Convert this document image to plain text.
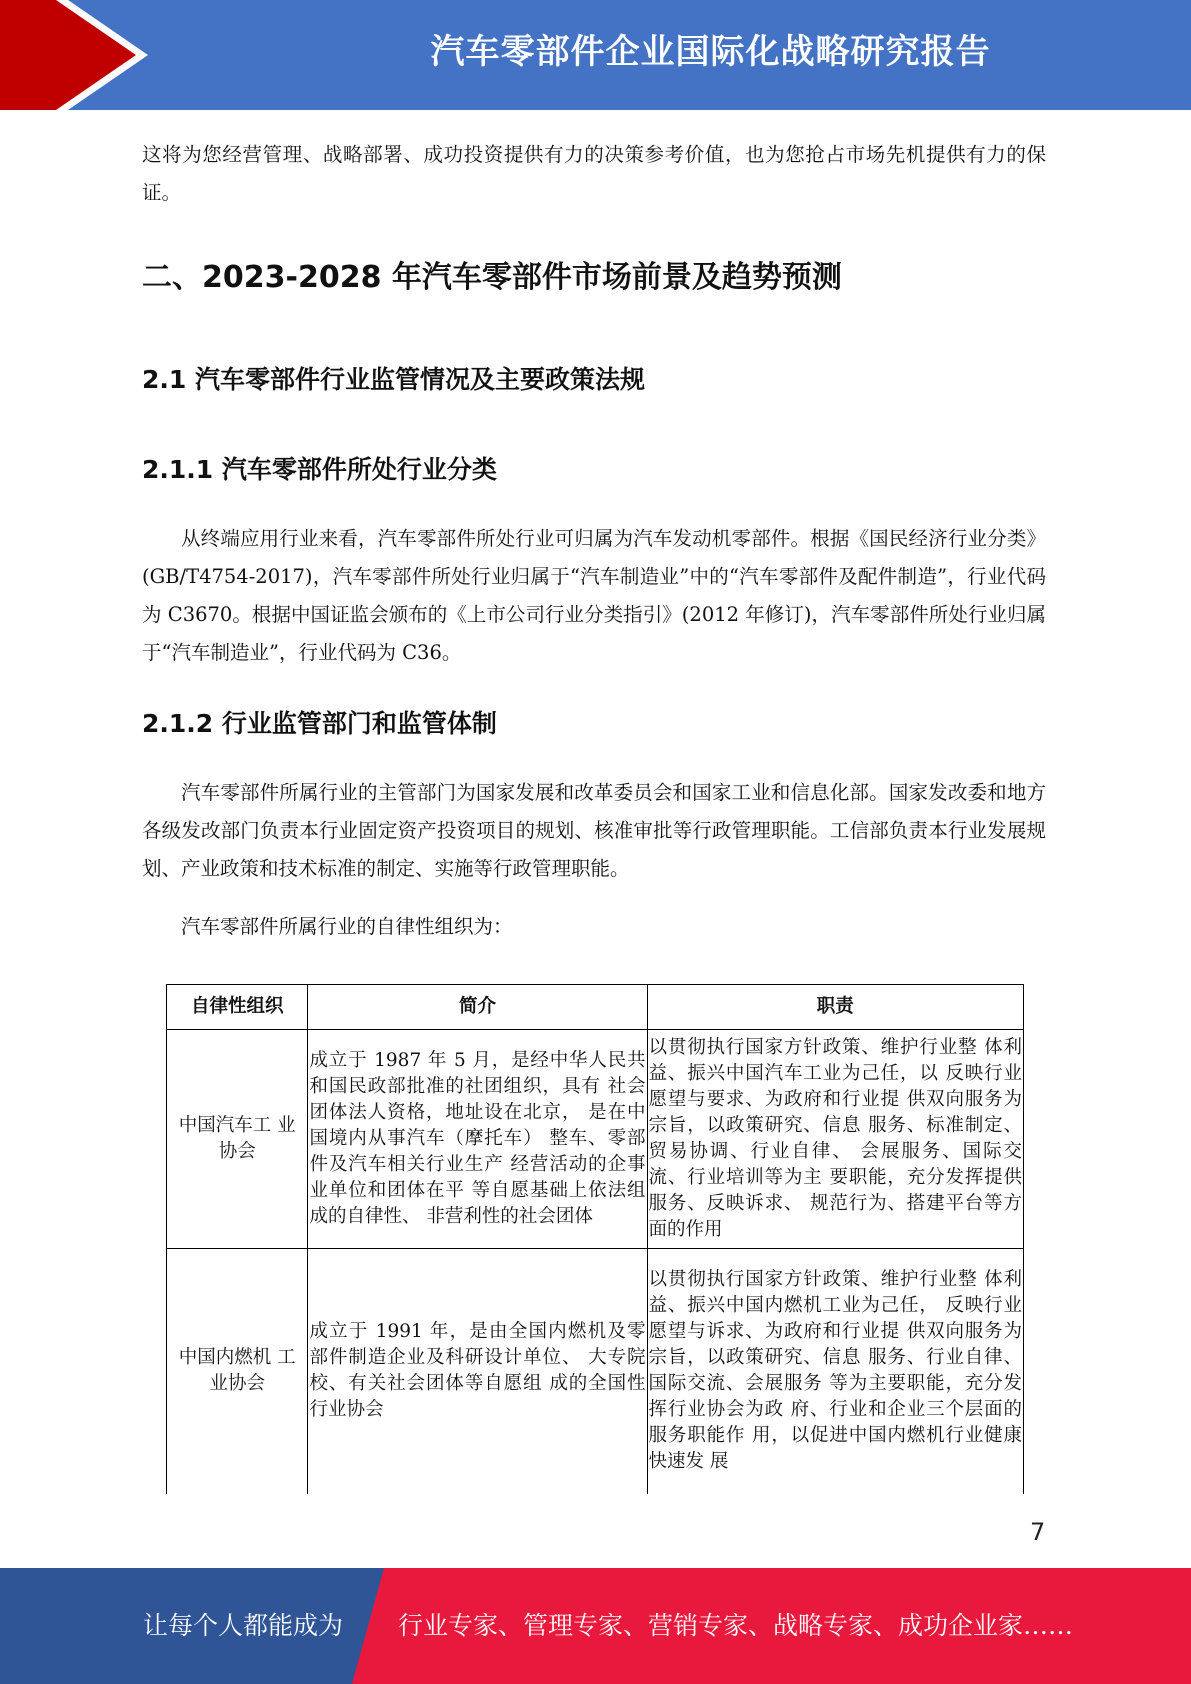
汽车零部件企业国际化战略研究报告

这将为您经营管理、战略部署、成功投资提供有力的决策参考价值，也为您抢占市场先机提供有力的保证。

二、2023-2028 年汽车零部件市场前景及趋势预测
2.1 汽车零部件行业监管情况及主要政策法规
2.1.1 汽车零部件所处行业分类

从终端应用行业来看，汽车零部件所处行业可归属为汽车发动机零部件。根据《国民经济行业分类》(GB/T4754-2017)，汽车零部件所处行业归属于“汽车制造业”中的“汽车零部件及配件制造”，行业代码为 C3670。根据中国证监会颁布的《上市公司行业分类指引》(2012 年修订)，汽车零部件所处行业归属于“汽车制造业”，行业代码为 C36。

2.1.2 行业监管部门和监管体制

汽车零部件所属行业的主管部门为国家发展和改革委员会和国家工业和信息化部。国家发改委和地方各级发改部门负责本行业固定资产投资项目的规划、核准审批等行政管理职能。工信部负责本行业发展规划、产业政策和技术标准的制定、实施等行政管理职能。

汽车零部件所属行业的自律性组织为：

自律性组织	简介	职责
中国汽车工 业协会	成立于 1987 年 5 月，是经中华人民共和国民政部批准的社团组织，具有 社会团体法人资格，地址设在北京， 是在中国境内从事汽车（摩托车） 整车、零部件及汽车相关行业生产 经营活动的企事业单位和团体在平 等自愿基础上依法组成的自律性、 非营利性的社会团体	以贯彻执行国家方针政策、维护行业整 体利益、振兴中国汽车工业为己任，以 反映行业愿望与要求、为政府和行业提 供双向服务为宗旨，以政策研究、信息 服务、标准制定、贸易协调、行业自律、 会展服务、国际交流、行业培训等为主 要职能，充分发挥提供服务、反映诉求、 规范行为、搭建平台等方面的作用
中国内燃机 工业协会	成立于 1991 年，是由全国内燃机及零部件制造企业及科研设计单位、 大专院校、有关社会团体等自愿组 成的全国性行业协会	以贯彻执行国家方针政策、维护行业整 体利益、振兴中国内燃机工业为己任， 反映行业愿望与诉求、为政府和行业提 供双向服务为宗旨，以政策研究、信息 服务、行业自律、国际交流、会展服务 等为主要职能，充分发挥行业协会为政 府、行业和企业三个层面的服务职能作 用，以促进中国内燃机行业健康快速发 展
7
让每个人都能成为 行业专家、管理专家、营销专家、战略专家、成功企业家……
